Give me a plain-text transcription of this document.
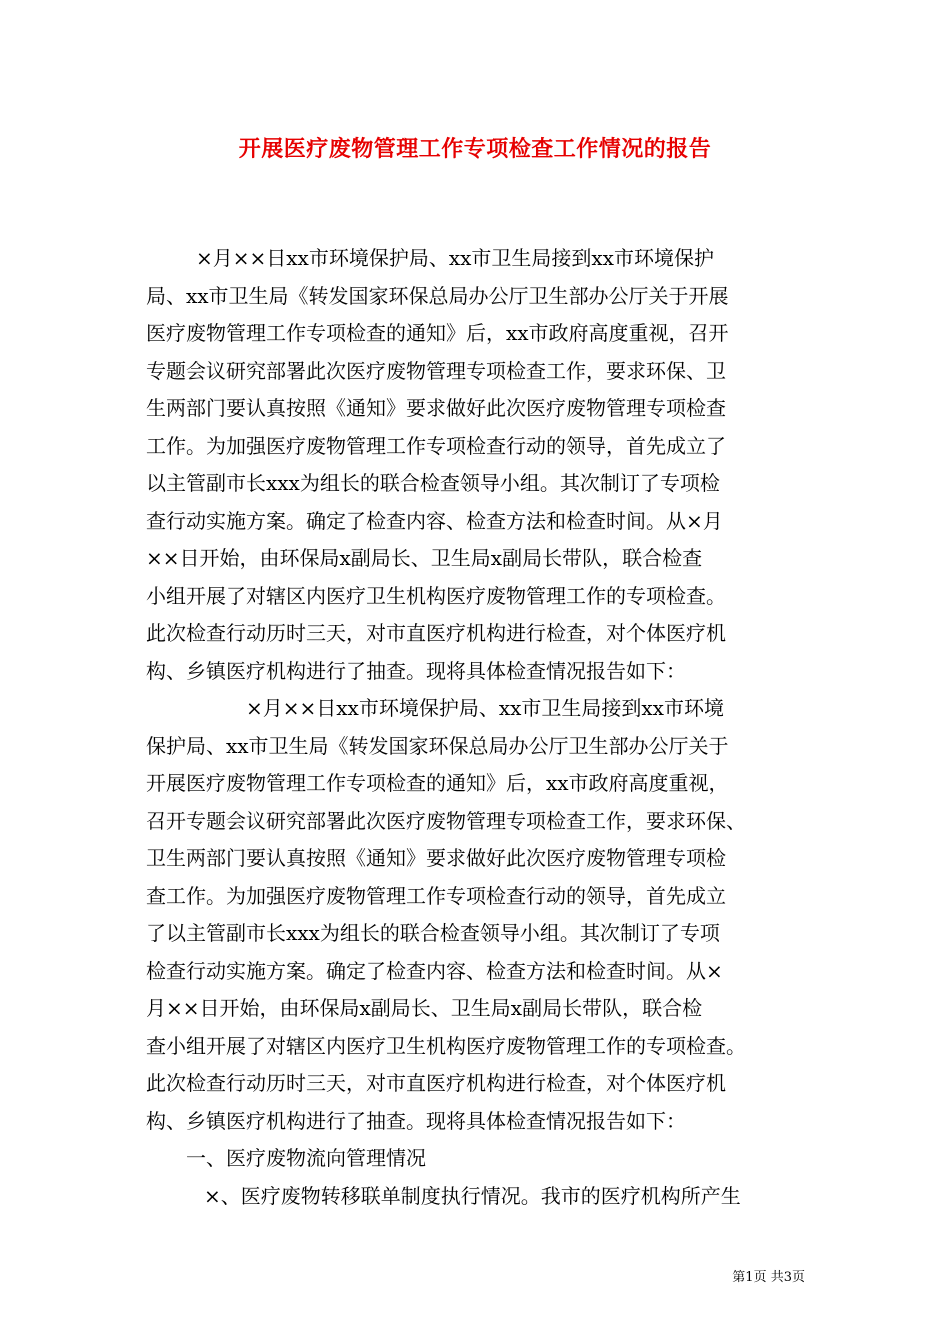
开展医疗废物管理工作专项检查工作情况的报告
×月××日xx市环境保护局、xx市卫生局接到xx市环境保护
局、xx市卫生局《转发国家环保总局办公厅卫生部办公厅关于开展
医疗废物管理工作专项检查的通知》后，xx市政府高度重视，召开
专题会议研究部署此次医疗废物管理专项检查工作，要求环保、卫
生两部门要认真按照《通知》要求做好此次医疗废物管理专项检查
工作。为加强医疗废物管理工作专项检查行动的领导，首先成立了
以主管副市长xxx为组长的联合检查领导小组。其次制订了专项检
查行动实施方案。确定了检查内容、检查方法和检查时间。从×月
××日开始，由环保局x副局长、卫生局x副局长带队，联合检查
小组开展了对辖区内医疗卫生机构医疗废物管理工作的专项检查。
此次检查行动历时三天，对市直医疗机构进行检查，对个体医疗机
构、乡镇医疗机构进行了抽查。现将具体检查情况报告如下：
×月××日xx市环境保护局、xx市卫生局接到xx市环境
保护局、xx市卫生局《转发国家环保总局办公厅卫生部办公厅关于
开展医疗废物管理工作专项检查的通知》后，xx市政府高度重视，
召开专题会议研究部署此次医疗废物管理专项检查工作，要求环保、
卫生两部门要认真按照《通知》要求做好此次医疗废物管理专项检
查工作。为加强医疗废物管理工作专项检查行动的领导，首先成立
了以主管副市长xxx为组长的联合检查领导小组。其次制订了专项
检查行动实施方案。确定了检查内容、检查方法和检查时间。从×
月××日开始，由环保局x副局长、卫生局x副局长带队，联合检
查小组开展了对辖区内医疗卫生机构医疗废物管理工作的专项检查。
此次检查行动历时三天，对市直医疗机构进行检查，对个体医疗机
构、乡镇医疗机构进行了抽查。现将具体检查情况报告如下：
一、医疗废物流向管理情况
×、医疗废物转移联单制度执行情况。我市的医疗机构所产生
第1页 共3页
